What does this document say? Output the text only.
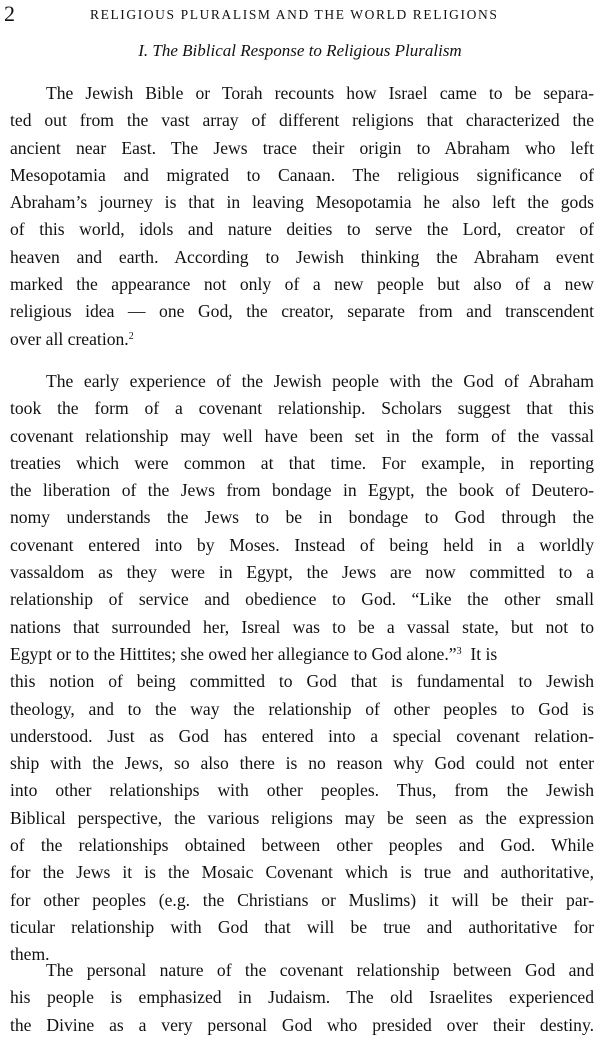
2	RELIGIOUS PLURALISM AND THE WORLD RELIGIONS
I. The Biblical Response to Religious Pluralism
The Jewish Bible or Torah recounts how Israel came to be separa-
ted out from the vast array of different religions that characterized the
ancient near East. The Jews trace their origin to Abraham who left
Mesopotamia and migrated to Canaan. The religious significance of
Abraham’s journey is that in leaving Mesopotamia he also left the gods
of this world, idols and nature deities to serve the Lord, creator of
heaven and earth. According to Jewish thinking the Abraham event
marked the appearance not only of a new people but also of a new
religious idea — one God, the creator, separate from and transcendent
over all creation.$^2$
The early experience of the Jewish people with the God of Abraham
took the form of a covenant relationship. Scholars suggest that this
covenant relationship may well have been set in the form of the vassal
treaties which were common at that time. For example, in reporting
the liberation of the Jews from bondage in Egypt, the book of Deutero-
nomy understands the Jews to be in bondage to God through the
covenant entered into by Moses. Instead of being held in a worldly
vassaldom as they were in Egypt, the Jews are now committed to a
relationship of service and obedience to God. “Like the other small
nations that surrounded her, Isreal was to be a vassal state, but not to
Egypt or to the Hittites; she owed her allegiance to God alone.”$^3$  It is
this notion of being committed to God that is fundamental to Jewish
theology, and to the way the relationship of other peoples to God is
understood. Just as God has entered into a special covenant relation-
ship with the Jews, so also there is no reason why God could not enter
into other relationships with other peoples. Thus, from the Jewish
Biblical perspective, the various religions may be seen as the expression
of the relationships obtained between other peoples and God. While
for the Jews it is the Mosaic Covenant which is true and authoritative,
for other peoples (e.g. the Christians or Muslims) it will be their par-
ticular relationship with God that will be true and authoritative for
them.
The personal nature of the covenant relationship between God and
his people is emphasized in Judaism. The old Israelites experienced
the Divine as a very personal God who presided over their destiny.
